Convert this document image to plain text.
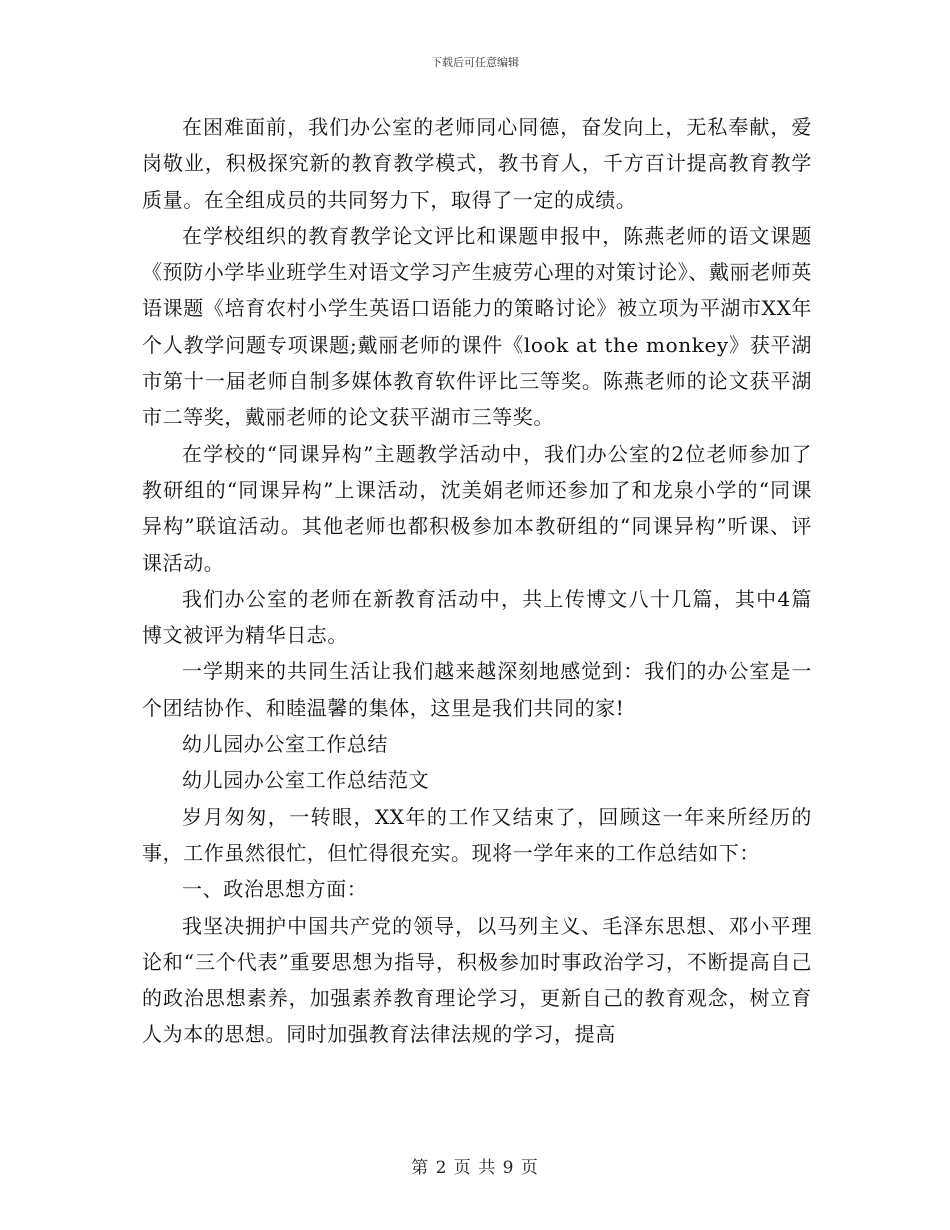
下载后可任意编辑

在困难面前，我们办公室的老师同心同德，奋发向上，无私奉献，爱岗敬业，积极探究新的教育教学模式，教书育人，千方百计提高教育教学质量。在全组成员的共同努力下，取得了一定的成绩。

在学校组织的教育教学论文评比和课题申报中，陈燕老师的语文课题《预防小学毕业班学生对语文学习产生疲劳心理的对策讨论》、戴丽老师英语课题《培育农村小学生英语口语能力的策略讨论》被立项为平湖市XX年个人教学问题专项课题;戴丽老师的课件《look at the monkey》获平湖市第十一届老师自制多媒体教育软件评比三等奖。陈燕老师的论文获平湖市二等奖，戴丽老师的论文获平湖市三等奖。

在学校的“同课异构”主题教学活动中，我们办公室的2位老师参加了教研组的“同课异构”上课活动，沈美娟老师还参加了和龙泉小学的“同课异构”联谊活动。其他老师也都积极参加本教研组的“同课异构”听课、评课活动。

我们办公室的老师在新教育活动中，共上传博文八十几篇，其中4篇博文被评为精华日志。

一学期来的共同生活让我们越来越深刻地感觉到：我们的办公室是一个团结协作、和睦温馨的集体，这里是我们共同的家!

幼儿园办公室工作总结

幼儿园办公室工作总结范文

岁月匆匆，一转眼，XX年的工作又结束了，回顾这一年来所经历的事，工作虽然很忙，但忙得很充实。现将一学年来的工作总结如下：

一、政治思想方面：

我坚决拥护中国共产党的领导，以马列主义、毛泽东思想、邓小平理论和“三个代表”重要思想为指导，积极参加时事政治学习，不断提高自己的政治思想素养，加强素养教育理论学习，更新自己的教育观念，树立育人为本的思想。同时加强教育法律法规的学习，提高

第 2 页 共 9 页
